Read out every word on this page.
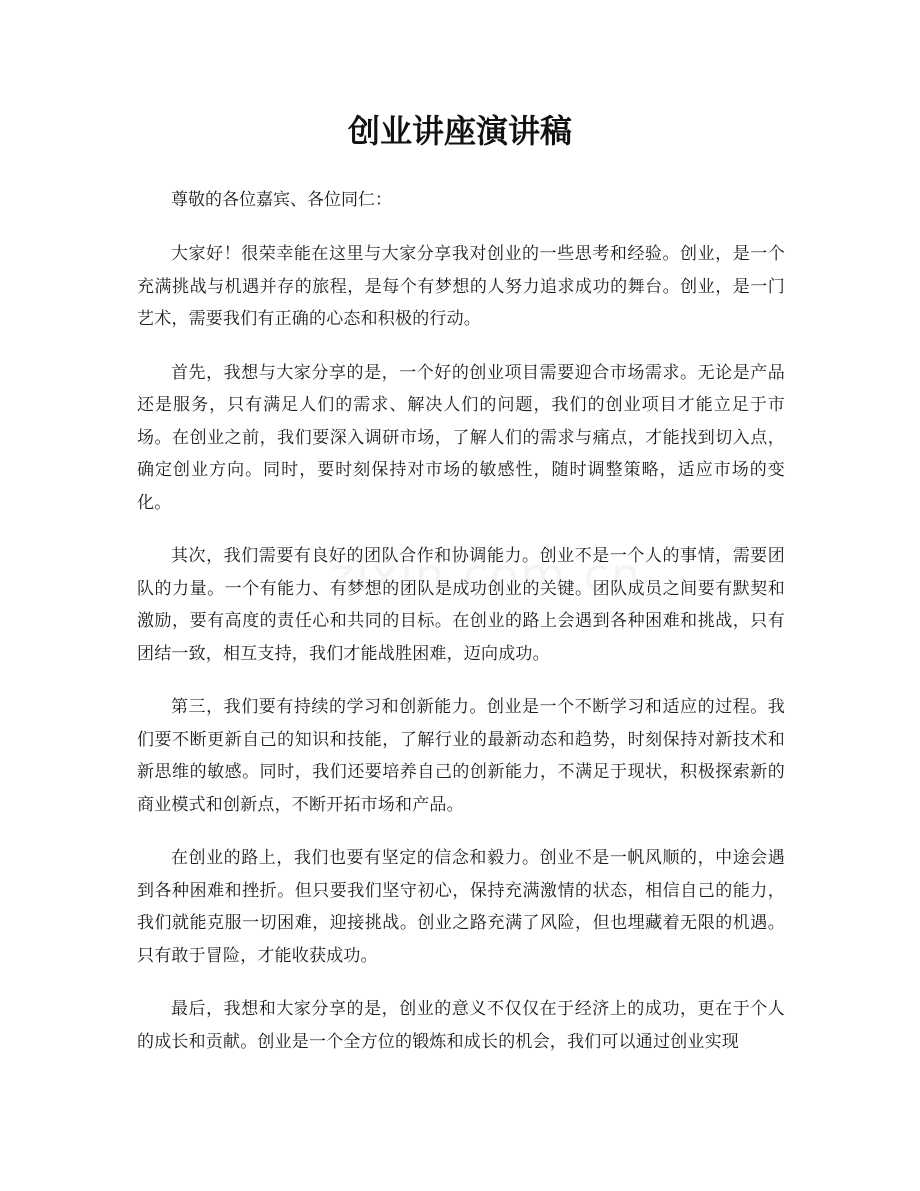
创业讲座演讲稿

尊敬的各位嘉宾、各位同仁：

大家好！很荣幸能在这里与大家分享我对创业的一些思考和经验。创业，是一个充满挑战与机遇并存的旅程，是每个有梦想的人努力追求成功的舞台。创业，是一门艺术，需要我们有正确的心态和积极的行动。

首先，我想与大家分享的是，一个好的创业项目需要迎合市场需求。无论是产品还是服务，只有满足人们的需求、解决人们的问题，我们的创业项目才能立足于市场。在创业之前，我们要深入调研市场，了解人们的需求与痛点，才能找到切入点，确定创业方向。同时，要时刻保持对市场的敏感性，随时调整策略，适应市场的变化。

其次，我们需要有良好的团队合作和协调能力。创业不是一个人的事情，需要团队的力量。一个有能力、有梦想的团队是成功创业的关键。团队成员之间要有默契和激励，要有高度的责任心和共同的目标。在创业的路上会遇到各种困难和挑战，只有团结一致，相互支持，我们才能战胜困难，迈向成功。

第三，我们要有持续的学习和创新能力。创业是一个不断学习和适应的过程。我们要不断更新自己的知识和技能，了解行业的最新动态和趋势，时刻保持对新技术和新思维的敏感。同时，我们还要培养自己的创新能力，不满足于现状，积极探索新的商业模式和创新点，不断开拓市场和产品。

在创业的路上，我们也要有坚定的信念和毅力。创业不是一帆风顺的，中途会遇到各种困难和挫折。但只要我们坚守初心，保持充满激情的状态，相信自己的能力，我们就能克服一切困难，迎接挑战。创业之路充满了风险，但也埋藏着无限的机遇。只有敢于冒险，才能收获成功。

最后，我想和大家分享的是，创业的意义不仅仅在于经济上的成功，更在于个人的成长和贡献。创业是一个全方位的锻炼和成长的机会，我们可以通过创业实现
